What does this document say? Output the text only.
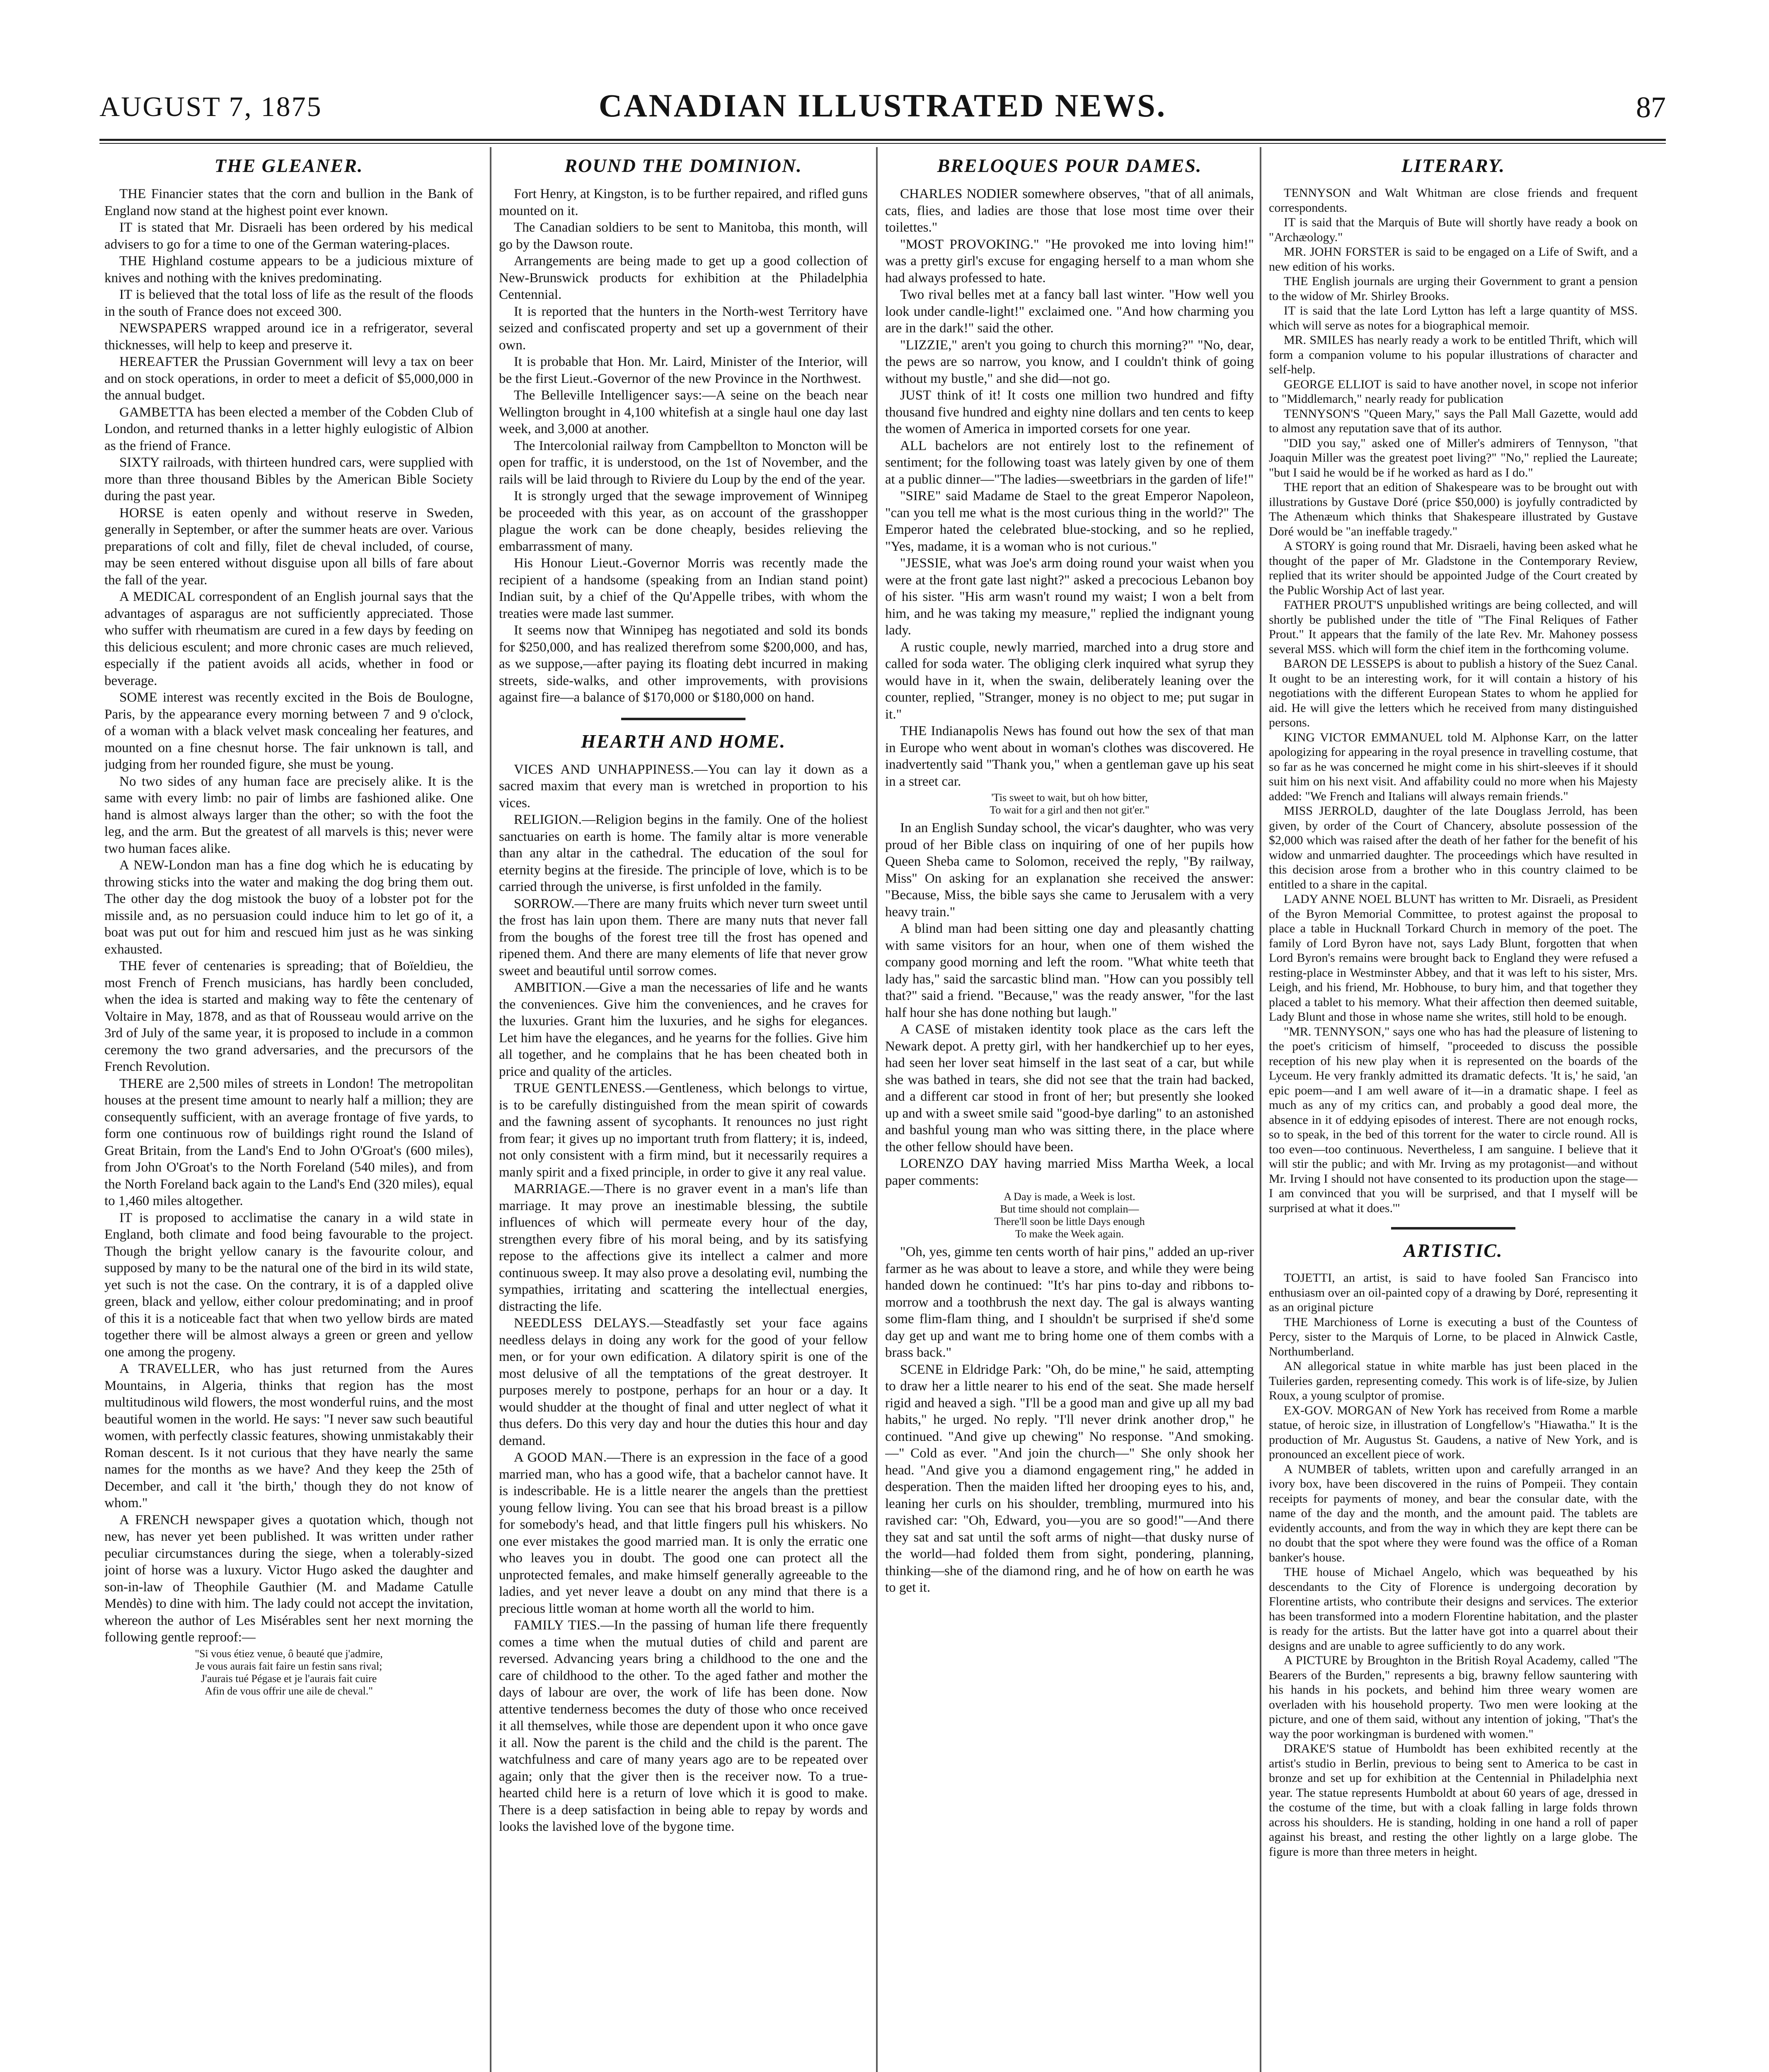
AUGUST 7, 1875	CANADIAN ILLUSTRATED NEWS.	87
THE GLEANER.

THE Financier states that the corn and bullion in the Bank of England now stand at the highest point ever known.

IT is stated that Mr. Disraeli has been ordered by his medical advisers to go for a time to one of the German watering-places.

THE Highland costume appears to be a judicious mixture of knives and nothing with the knives predominating.

IT is believed that the total loss of life as the result of the floods in the south of France does not exceed 300.

NEWSPAPERS wrapped around ice in a refrigerator, several thicknesses, will help to keep and preserve it.

HEREAFTER the Prussian Government will levy a tax on beer and on stock operations, in order to meet a deficit of $5,000,000 in the annual budget.

GAMBETTA has been elected a member of the Cobden Club of London, and returned thanks in a letter highly eulogistic of Albion as the friend of France.

SIXTY railroads, with thirteen hundred cars, were supplied with more than three thousand Bibles by the American Bible Society during the past year.

HORSE is eaten openly and without reserve in Sweden, generally in September, or after the summer heats are over. Various preparations of colt and filly, filet de cheval included, of course, may be seen entered without disguise upon all bills of fare about the fall of the year.

A MEDICAL correspondent of an English journal says that the advantages of asparagus are not sufficiently appreciated. Those who suffer with rheumatism are cured in a few days by feeding on this delicious esculent; and more chronic cases are much relieved, especially if the patient avoids all acids, whether in food or beverage.

SOME interest was recently excited in the Bois de Boulogne, Paris, by the appearance every morning between 7 and 9 o'clock, of a woman with a black velvet mask concealing her features, and mounted on a fine chesnut horse. The fair unknown is tall, and judging from her rounded figure, she must be young.

No two sides of any human face are precisely alike. It is the same with every limb: no pair of limbs are fashioned alike. One hand is almost always larger than the other; so with the foot the leg, and the arm. But the greatest of all marvels is this; never were two human faces alike.

A NEW-London man has a fine dog which he is educating by throwing sticks into the water and making the dog bring them out. The other day the dog mistook the buoy of a lobster pot for the missile and, as no persuasion could induce him to let go of it, a boat was put out for him and rescued him just as he was sinking exhausted.

THE fever of centenaries is spreading; that of Boïeldieu, the most French of French musicians, has hardly been concluded, when the idea is started and making way to fête the centenary of Voltaire in May, 1878, and as that of Rousseau would arrive on the 3rd of July of the same year, it is proposed to include in a common ceremony the two grand adversaries, and the precursors of the French Revolution.

THERE are 2,500 miles of streets in London! The metropolitan houses at the present time amount to nearly half a million; they are consequently sufficient, with an average frontage of five yards, to form one continuous row of buildings right round the Island of Great Britain, from the Land's End to John O'Groat's (600 miles), from John O'Groat's to the North Foreland (540 miles), and from the North Foreland back again to the Land's End (320 miles), equal to 1,460 miles altogether.

IT is proposed to acclimatise the canary in a wild state in England, both climate and food being favourable to the project. Though the bright yellow canary is the favourite colour, and supposed by many to be the natural one of the bird in its wild state, yet such is not the case. On the contrary, it is of a dappled olive green, black and yellow, either colour predominating; and in proof of this it is a noticeable fact that when two yellow birds are mated together there will be almost always a green or green and yellow one among the progeny.

A TRAVELLER, who has just returned from the Aures Mountains, in Algeria, thinks that region has the most multitudinous wild flowers, the most wonderful ruins, and the most beautiful women in the world. He says: "I never saw such beautiful women, with perfectly classic features, showing unmistakably their Roman descent. Is it not curious that they have nearly the same names for the months as we have? And they keep the 25th of December, and call it 'the birth,' though they do not know of whom."

A FRENCH newspaper gives a quotation which, though not new, has never yet been published. It was written under rather peculiar circumstances during the siege, when a tolerably-sized joint of horse was a luxury. Victor Hugo asked the daughter and son-in-law of Theophile Gauthier (M. and Madame Catulle Mendès) to dine with him. The lady could not accept the invitation, whereon the author of Les Misérables sent her next morning the following gentle reproof:—

"Si vous étiez venue, ô beauté que j'admire,
Je vous aurais fait faire un festin sans rival;
J'aurais tué Pégase et je l'aurais fait cuire
Afin de vous offrir une aile de cheval."
ROUND THE DOMINION.

Fort Henry, at Kingston, is to be further repaired, and rifled guns mounted on it.

The Canadian soldiers to be sent to Manitoba, this month, will go by the Dawson route.

Arrangements are being made to get up a good collection of New-Brunswick products for exhibition at the Philadelphia Centennial.

It is reported that the hunters in the North-west Territory have seized and confiscated property and set up a government of their own.

It is probable that Hon. Mr. Laird, Minister of the Interior, will be the first Lieut.-Governor of the new Province in the Northwest.

The Belleville Intelligencer says:—A seine on the beach near Wellington brought in 4,100 whitefish at a single haul one day last week, and 3,000 at another.

The Intercolonial railway from Campbellton to Moncton will be open for traffic, it is understood, on the 1st of November, and the rails will be laid through to Riviere du Loup by the end of the year.

It is strongly urged that the sewage improvement of Winnipeg be proceeded with this year, as on account of the grasshopper plague the work can be done cheaply, besides relieving the embarrassment of many.

His Honour Lieut.-Governor Morris was recently made the recipient of a handsome (speaking from an Indian stand point) Indian suit, by a chief of the Qu'Appelle tribes, with whom the treaties were made last summer.

It seems now that Winnipeg has negotiated and sold its bonds for $250,000, and has realized therefrom some $200,000, and has, as we suppose,—after paying its floating debt incurred in making streets, side-walks, and other improvements, with provisions against fire—a balance of $170,000 or $180,000 on hand.

HEARTH AND HOME.

VICES AND UNHAPPINESS.—You can lay it down as a sacred maxim that every man is wretched in proportion to his vices.

RELIGION.—Religion begins in the family. One of the holiest sanctuaries on earth is home. The family altar is more venerable than any altar in the cathedral. The education of the soul for eternity begins at the fireside. The principle of love, which is to be carried through the universe, is first unfolded in the family.

SORROW.—There are many fruits which never turn sweet until the frost has lain upon them. There are many nuts that never fall from the boughs of the forest tree till the frost has opened and ripened them. And there are many elements of life that never grow sweet and beautiful until sorrow comes.

AMBITION.—Give a man the necessaries of life and he wants the conveniences. Give him the conveniences, and he craves for the luxuries. Grant him the luxuries, and he sighs for elegances. Let him have the elegances, and he yearns for the follies. Give him all together, and he complains that he has been cheated both in price and quality of the articles.

TRUE GENTLENESS.—Gentleness, which belongs to virtue, is to be carefully distinguished from the mean spirit of cowards and the fawning assent of sycophants. It renounces no just right from fear; it gives up no important truth from flattery; it is, indeed, not only consistent with a firm mind, but it necessarily requires a manly spirit and a fixed principle, in order to give it any real value.

MARRIAGE.—There is no graver event in a man's life than marriage. It may prove an inestimable blessing, the subtile influences of which will permeate every hour of the day, strengthen every fibre of his moral being, and by its satisfying repose to the affections give its intellect a calmer and more continuous sweep. It may also prove a desolating evil, numbing the sympathies, irritating and scattering the intellectual energies, distracting the life.

NEEDLESS DELAYS.—Steadfastly set your face agains needless delays in doing any work for the good of your fellow men, or for your own edification. A dilatory spirit is one of the most delusive of all the temptations of the great destroyer. It purposes merely to postpone, perhaps for an hour or a day. It would shudder at the thought of final and utter neglect of what it thus defers. Do this very day and hour the duties this hour and day demand.

A GOOD MAN.—There is an expression in the face of a good married man, who has a good wife, that a bachelor cannot have. It is indescribable. He is a little nearer the angels than the prettiest young fellow living. You can see that his broad breast is a pillow for somebody's head, and that little fingers pull his whiskers. No one ever mistakes the good married man. It is only the erratic one who leaves you in doubt. The good one can protect all the unprotected females, and make himself generally agreeable to the ladies, and yet never leave a doubt on any mind that there is a precious little woman at home worth all the world to him.

FAMILY TIES.—In the passing of human life there frequently comes a time when the mutual duties of child and parent are reversed. Advancing years bring a childhood to the one and the care of childhood to the other. To the aged father and mother the days of labour are over, the work of life has been done. Now attentive tenderness becomes the duty of those who once received it all themselves, while those are dependent upon it who once gave it all. Now the parent is the child and the child is the parent. The watchfulness and care of many years ago are to be repeated over again; only that the giver then is the receiver now. To a true-hearted child here is a return of love which it is good to make. There is a deep satisfaction in being able to repay by words and looks the lavished love of the bygone time.

BRELOQUES POUR DAMES.

CHARLES NODIER somewhere observes, "that of all animals, cats, flies, and ladies are those that lose most time over their toilettes."

"MOST PROVOKING." "He provoked me into loving him!" was a pretty girl's excuse for engaging herself to a man whom she had always professed to hate.

Two rival belles met at a fancy ball last winter. "How well you look under candle-light!" exclaimed one. "And how charming you are in the dark!" said the other.

"LIZZIE," aren't you going to church this morning?" "No, dear, the pews are so narrow, you know, and I couldn't think of going without my bustle," and she did—not go.

JUST think of it! It costs one million two hundred and fifty thousand five hundred and eighty nine dollars and ten cents to keep the women of America in imported corsets for one year.

ALL bachelors are not entirely lost to the refinement of sentiment; for the following toast was lately given by one of them at a public dinner—"The ladies—sweetbriars in the garden of life!"

"SIRE" said Madame de Stael to the great Emperor Napoleon, "can you tell me what is the most curious thing in the world?" The Emperor hated the celebrated blue-stocking, and so he replied, "Yes, madame, it is a woman who is not curious."

"JESSIE, what was Joe's arm doing round your waist when you were at the front gate last night?" asked a precocious Lebanon boy of his sister. "His arm wasn't round my waist; I won a belt from him, and he was taking my measure," replied the indignant young lady.

A rustic couple, newly married, marched into a drug store and called for soda water. The obliging clerk inquired what syrup they would have in it, when the swain, deliberately leaning over the counter, replied, "Stranger, money is no object to me; put sugar in it."

THE Indianapolis News has found out how the sex of that man in Europe who went about in woman's clothes was discovered. He inadvertently said "Thank you," when a gentleman gave up his seat in a street car.

'Tis sweet to wait, but oh how bitter,
To wait for a girl and then not git'er."

In an English Sunday school, the vicar's daughter, who was very proud of her Bible class on inquiring of one of her pupils how Queen Sheba came to Solomon, received the reply, "By railway, Miss" On asking for an explanation she received the answer: "Because, Miss, the bible says she came to Jerusalem with a very heavy train."

A blind man had been sitting one day and pleasantly chatting with same visitors for an hour, when one of them wished the company good morning and left the room. "What white teeth that lady has," said the sarcastic blind man. "How can you possibly tell that?" said a friend. "Because," was the ready answer, "for the last half hour she has done nothing but laugh."

A CASE of mistaken identity took place as the cars left the Newark depot. A pretty girl, with her handkerchief up to her eyes, had seen her lover seat himself in the last seat of a car, but while she was bathed in tears, she did not see that the train had backed, and a different car stood in front of her; but presently she looked up and with a sweet smile said "good-bye darling" to an astonished and bashful young man who was sitting there, in the place where the other fellow should have been.

LORENZO DAY having married Miss Martha Week, a local paper comments:

A Day is made, a Week is lost.
But time should not complain—
There'll soon be little Days enough
To make the Week again.

"Oh, yes, gimme ten cents worth of hair pins," added an up-river farmer as he was about to leave a store, and while they were being handed down he continued: "It's har pins to-day and ribbons to-morrow and a toothbrush the next day. The gal is always wanting some flim-flam thing, and I shouldn't be surprised if she'd some day get up and want me to bring home one of them combs with a brass back."

SCENE in Eldridge Park: "Oh, do be mine," he said, attempting to draw her a little nearer to his end of the seat. She made herself rigid and heaved a sigh. "I'll be a good man and give up all my bad habits," he urged. No reply. "I'll never drink another drop," he continued. "And give up chewing" No response. "And smoking.—" Cold as ever. "And join the church—" She only shook her head. "And give you a diamond engagement ring," he added in desperation. Then the maiden lifted her drooping eyes to his, and, leaning her curls on his shoulder, trembling, murmured into his ravished car: "Oh, Edward, you—you are so good!"—And there they sat and sat until the soft arms of night—that dusky nurse of the world—had folded them from sight, pondering, planning, thinking—she of the diamond ring, and he of how on earth he was to get it.

LITERARY.

TENNYSON and Walt Whitman are close friends and frequent correspondents.

IT is said that the Marquis of Bute will shortly have ready a book on "Archæology."

MR. JOHN FORSTER is said to be engaged on a Life of Swift, and a new edition of his works.

THE English journals are urging their Government to grant a pension to the widow of Mr. Shirley Brooks.

IT is said that the late Lord Lytton has left a large quantity of MSS. which will serve as notes for a biographical memoir.

MR. SMILES has nearly ready a work to be entitled Thrift, which will form a companion volume to his popular illustrations of character and self-help.

GEORGE ELLIOT is said to have another novel, in scope not inferior to "Middlemarch," nearly ready for publication

TENNYSON'S "Queen Mary," says the Pall Mall Gazette, would add to almost any reputation save that of its author.

"DID you say," asked one of Miller's admirers of Tennyson, "that Joaquin Miller was the greatest poet living?" "No," replied the Laureate; "but I said he would be if he worked as hard as I do."

THE report that an edition of Shakespeare was to be brought out with illustrations by Gustave Doré (price $50,000) is joyfully contradicted by The Athenæum which thinks that Shakespeare illustrated by Gustave Doré would be "an ineffable tragedy."

A STORY is going round that Mr. Disraeli, having been asked what he thought of the paper of Mr. Gladstone in the Contemporary Review, replied that its writer should be appointed Judge of the Court created by the Public Worship Act of last year.

FATHER PROUT'S unpublished writings are being collected, and will shortly be published under the title of "The Final Reliques of Father Prout." It appears that the family of the late Rev. Mr. Mahoney possess several MSS. which will form the chief item in the forthcoming volume.

BARON DE LESSEPS is about to publish a history of the Suez Canal. It ought to be an interesting work, for it will contain a history of his negotiations with the different European States to whom he applied for aid. He will give the letters which he received from many distinguished persons.

KING VICTOR EMMANUEL told M. Alphonse Karr, on the latter apologizing for appearing in the royal presence in travelling costume, that so far as he was concerned he might come in his shirt-sleeves if it should suit him on his next visit. And affability could no more when his Majesty added: "We French and Italians will always remain friends."

MISS JERROLD, daughter of the late Douglass Jerrold, has been given, by order of the Court of Chancery, absolute possession of the $2,000 which was raised after the death of her father for the benefit of his widow and unmarried daughter. The proceedings which have resulted in this decision arose from a brother who in this country claimed to be entitled to a share in the capital.

LADY ANNE NOEL BLUNT has written to Mr. Disraeli, as President of the Byron Memorial Committee, to protest against the proposal to place a table in Hucknall Torkard Church in memory of the poet. The family of Lord Byron have not, says Lady Blunt, forgotten that when Lord Byron's remains were brought back to England they were refused a resting-place in Westminster Abbey, and that it was left to his sister, Mrs. Leigh, and his friend, Mr. Hobhouse, to bury him, and that together they placed a tablet to his memory. What their affection then deemed suitable, Lady Blunt and those in whose name she writes, still hold to be enough.

"MR. TENNYSON," says one who has had the pleasure of listening to the poet's criticism of himself, "proceeded to discuss the possible reception of his new play when it is represented on the boards of the Lyceum. He very frankly admitted its dramatic defects. 'It is,' he said, 'an epic poem—and I am well aware of it—in a dramatic shape. I feel as much as any of my critics can, and probably a good deal more, the absence in it of eddying episodes of interest. There are not enough rocks, so to speak, in the bed of this torrent for the water to circle round. All is too even—too continuous. Nevertheless, I am sanguine. I believe that it will stir the public; and with Mr. Irving as my protagonist—and without Mr. Irving I should not have consented to its production upon the stage—I am convinced that you will be surprised, and that I myself will be surprised at what it does.'"

ARTISTIC.

TOJETTI, an artist, is said to have fooled San Francisco into enthusiasm over an oil-painted copy of a drawing by Doré, representing it as an original picture

THE Marchioness of Lorne is executing a bust of the Countess of Percy, sister to the Marquis of Lorne, to be placed in Alnwick Castle, Northumberland.

AN allegorical statue in white marble has just been placed in the Tuileries garden, representing comedy. This work is of life-size, by Julien Roux, a young sculptor of promise.

EX-GOV. MORGAN of New York has received from Rome a marble statue, of heroic size, in illustration of Longfellow's "Hiawatha." It is the production of Mr. Augustus St. Gaudens, a native of New York, and is pronounced an excellent piece of work.

A NUMBER of tablets, written upon and carefully arranged in an ivory box, have been discovered in the ruins of Pompeii. They contain receipts for payments of money, and bear the consular date, with the name of the day and the month, and the amount paid. The tablets are evidently accounts, and from the way in which they are kept there can be no doubt that the spot where they were found was the office of a Roman banker's house.

THE house of Michael Angelo, which was bequeathed by his descendants to the City of Florence is undergoing decoration by Florentine artists, who contribute their designs and services. The exterior has been transformed into a modern Florentine habitation, and the plaster is ready for the artists. But the latter have got into a quarrel about their designs and are unable to agree sufficiently to do any work.

A PICTURE by Broughton in the British Royal Academy, called "The Bearers of the Burden," represents a big, brawny fellow sauntering with his hands in his pockets, and behind him three weary women are overladen with his household property. Two men were looking at the picture, and one of them said, without any intention of joking, "That's the way the poor workingman is burdened with women."

DRAKE'S statue of Humboldt has been exhibited recently at the artist's studio in Berlin, previous to being sent to America to be cast in bronze and set up for exhibition at the Centennial in Philadelphia next year. The statue represents Humboldt at about 60 years of age, dressed in the costume of the time, but with a cloak falling in large folds thrown across his shoulders. He is standing, holding in one hand a roll of paper against his breast, and resting the other lightly on a large globe. The figure is more than three meters in height.
